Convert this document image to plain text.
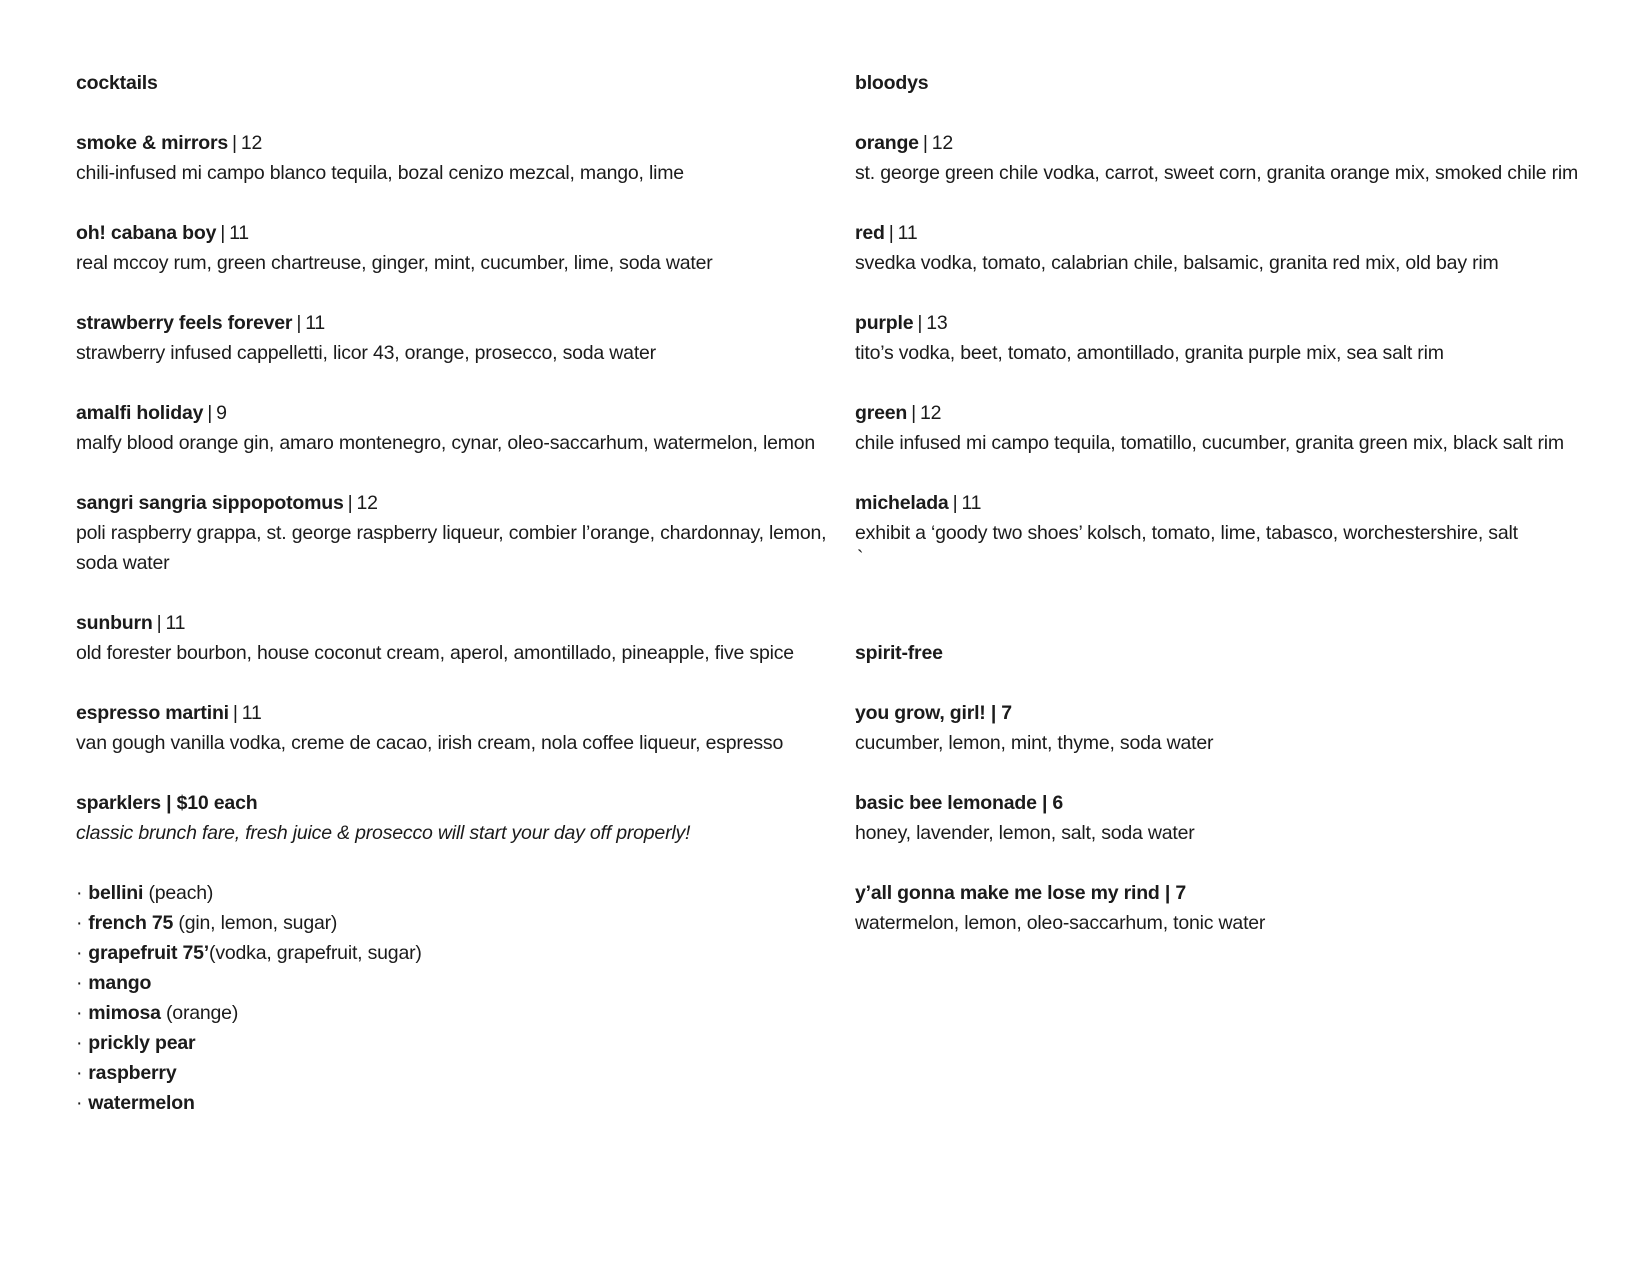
cocktails
smoke & mirrors | 12
chili-infused mi campo blanco tequila, bozal cenizo mezcal, mango, lime
oh! cabana boy | 11
real mccoy rum, green chartreuse, ginger, mint, cucumber, lime, soda water
strawberry feels forever | 11
strawberry infused cappelletti, licor 43, orange, prosecco, soda water
amalfi holiday | 9
malfy blood orange gin, amaro montenegro, cynar, oleo-saccarhum, watermelon, lemon
sangri sangria sippopotomus | 12
poli raspberry grappa, st. george raspberry liqueur, combier l’orange, chardonnay, lemon, soda water
sunburn | 11
old forester bourbon, house coconut cream, aperol, amontillado, pineapple, five spice
espresso martini | 11
van gough vanilla vodka, creme de cacao, irish cream, nola coffee liqueur, espresso
sparklers | $10 each
classic brunch fare, fresh juice & prosecco will start your day off properly!
· bellini (peach)
· french 75 (gin, lemon, sugar)
· grapefruit 75’(vodka, grapefruit, sugar)
· mango
· mimosa (orange)
· prickly pear
· raspberry
· watermelon
bloodys
orange | 12
st. george green chile vodka, carrot, sweet corn, granita orange mix, smoked chile rim
red | 11
svedka vodka, tomato, calabrian chile, balsamic, granita red mix, old bay rim
purple | 13
tito’s vodka, beet, tomato, amontillado, granita purple mix, sea salt rim
green | 12
chile infused mi campo tequila, tomatillo, cucumber, granita green mix, black salt rim
michelada | 11
exhibit a ‘goody two shoes’ kolsch, tomato, lime, tabasco, worchestershire, salt
`
spirit-free
you grow, girl! | 7
cucumber, lemon, mint, thyme, soda water
basic bee lemonade | 6
honey, lavender, lemon, salt, soda water
y’all gonna make me lose my rind | 7
watermelon, lemon, oleo-saccarhum, tonic water
